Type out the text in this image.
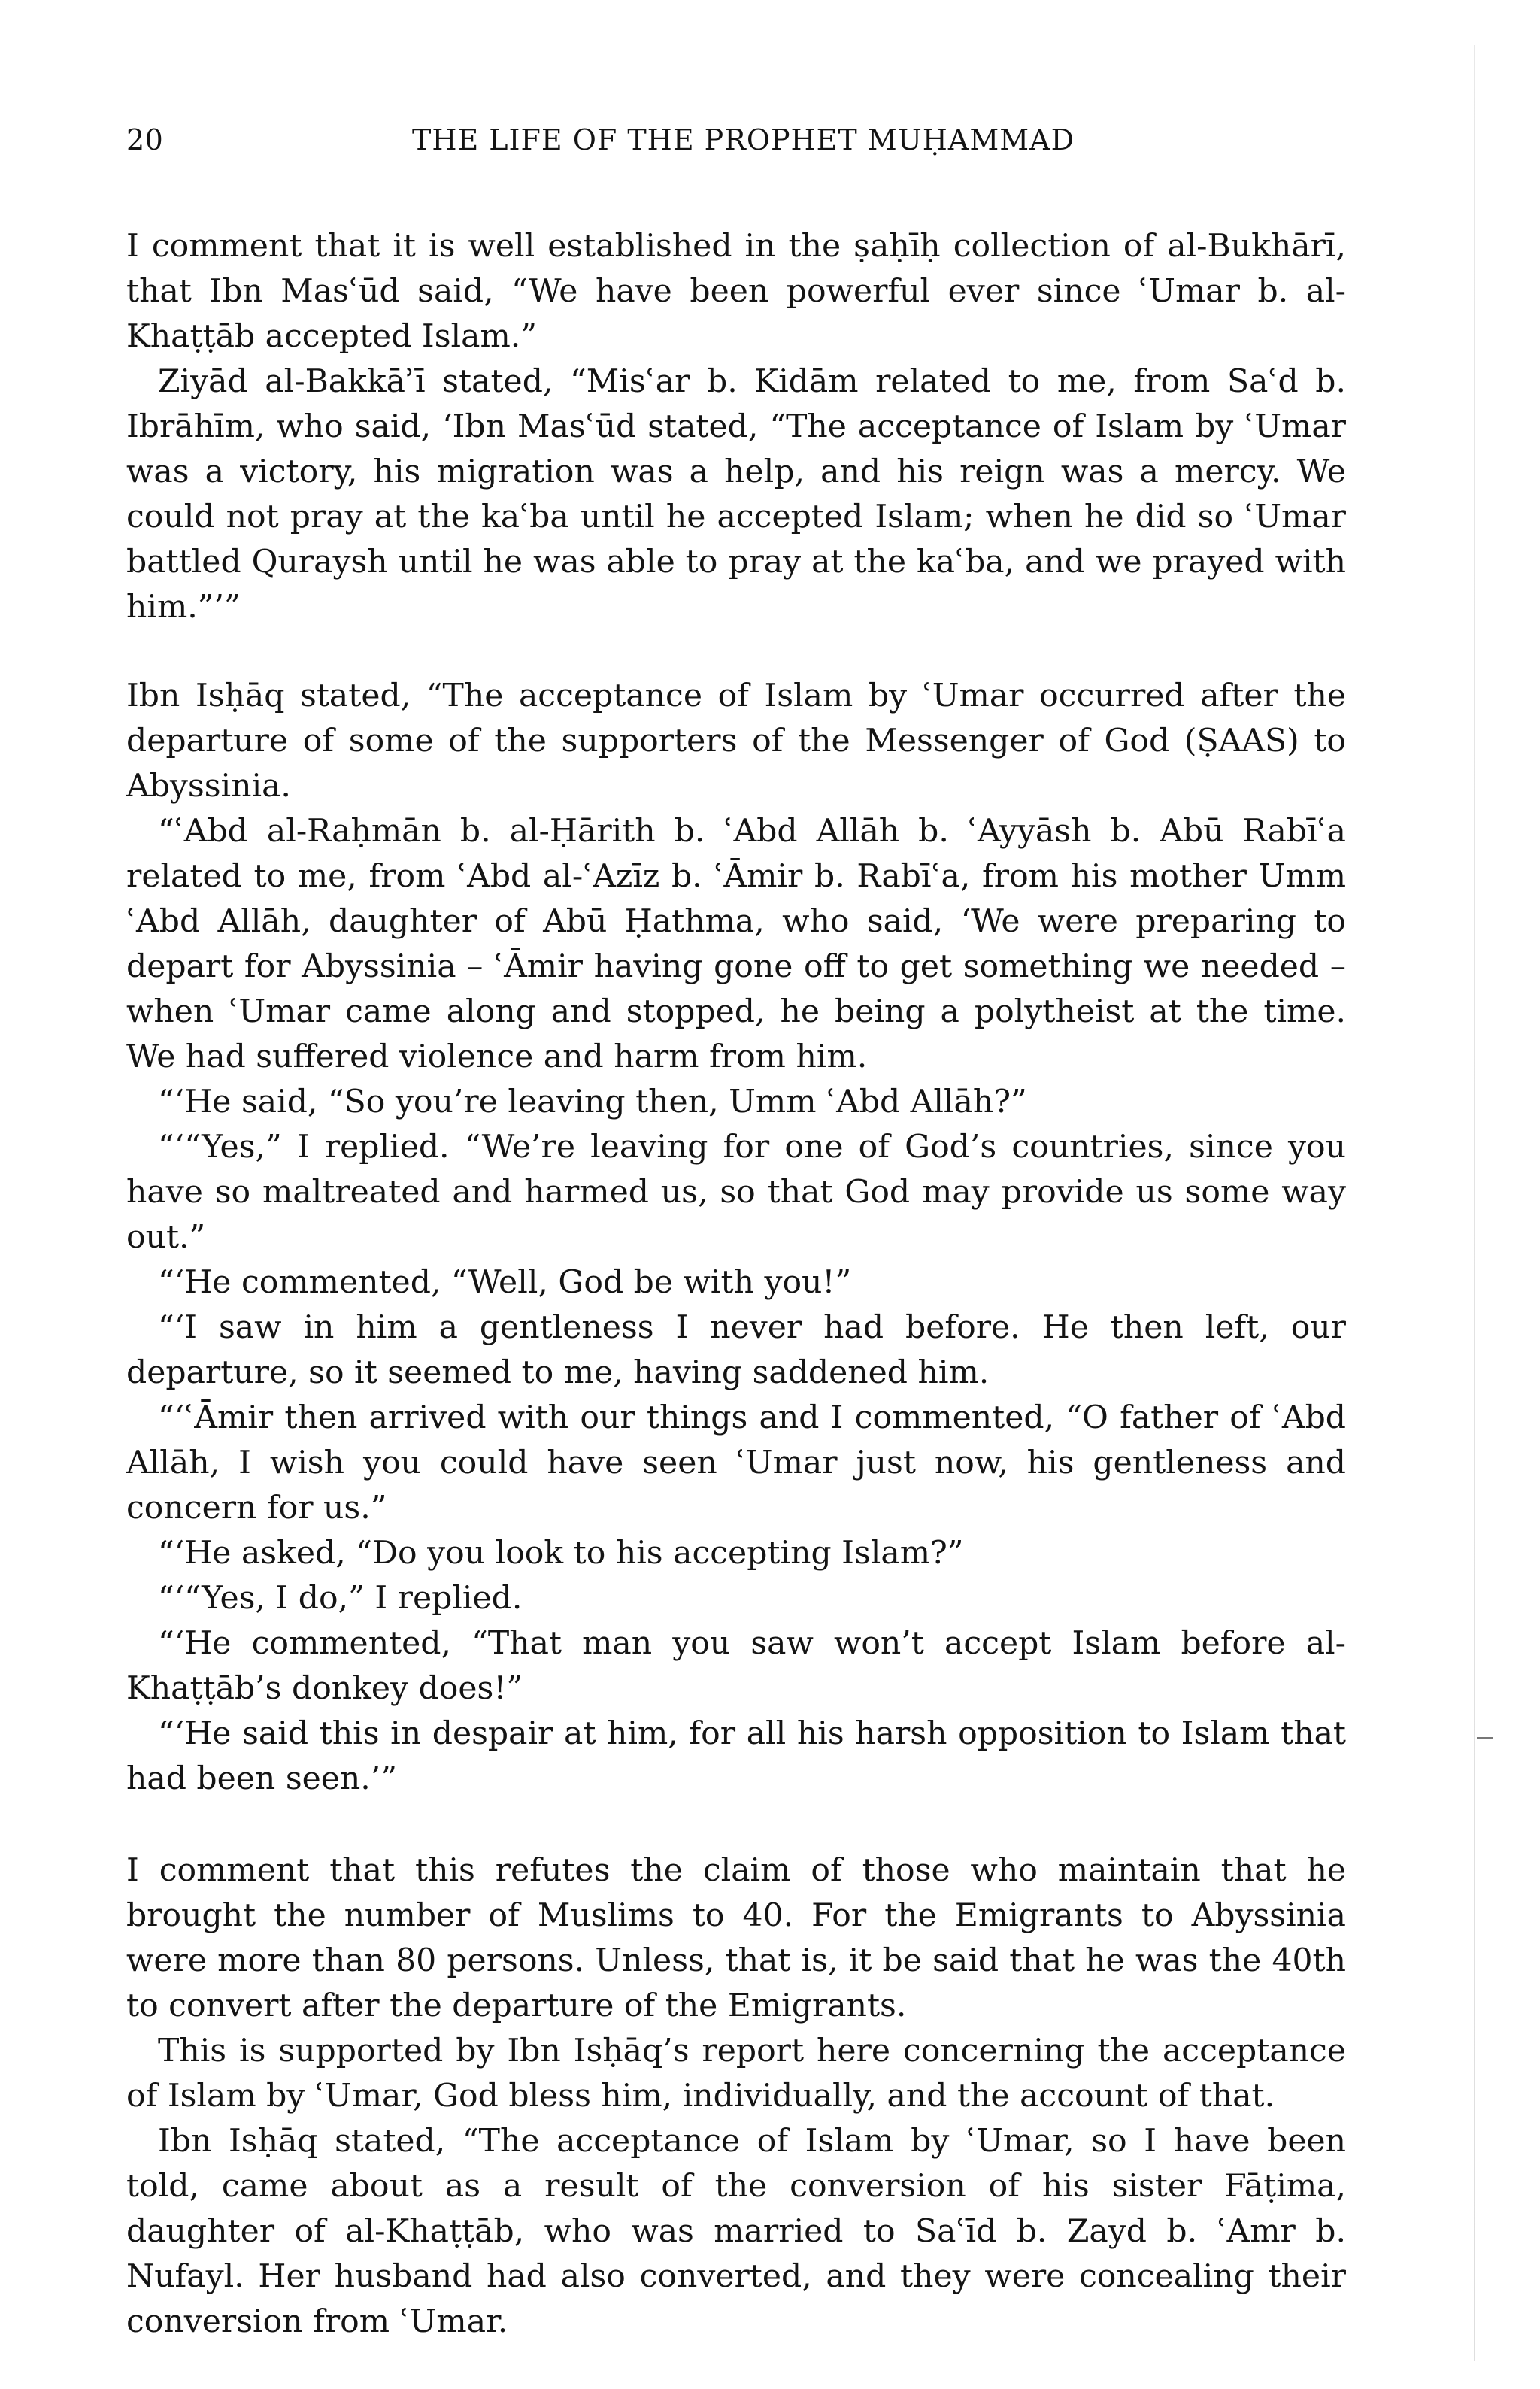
20	THE LIFE OF THE PROPHET MUḤAMMAD

I comment that it is well established in the ṣaḥīḥ collection of al-Bukhārī, that Ibn Masʿūd said, “We have been powerful ever since ʿUmar b. al-Khaṭṭāb accepted Islam.”

Ziyād al-Bakkāʾī stated, “Misʿar b. Kidām related to me, from Saʿd b. Ibrāhīm, who said, ‘Ibn Masʿūd stated, “The acceptance of Islam by ʿUmar was a victory, his migration was a help, and his reign was a mercy. We could not pray at the kaʿba until he accepted Islam; when he did so ʿUmar battled Quraysh until he was able to pray at the kaʿba, and we prayed with him.”’”

Ibn Isḥāq stated, “The acceptance of Islam by ʿUmar occurred after the departure of some of the supporters of the Messenger of God (ṢAAS) to Abyssinia.

“ʿAbd al-Raḥmān b. al-Ḥārith b. ʿAbd Allāh b. ʿAyyāsh b. Abū Rabīʿa related to me, from ʿAbd al-ʿAzīz b. ʿĀmir b. Rabīʿa, from his mother Umm ʿAbd Allāh, daughter of Abū Ḥathma, who said, ‘We were preparing to depart for Abyssinia – ʿĀmir having gone off to get something we needed – when ʿUmar came along and stopped, he being a polytheist at the time. We had suffered violence and harm from him.

“‘He said, “So you’re leaving then, Umm ʿAbd Allāh?”

“‘“Yes,” I replied. “We’re leaving for one of God’s countries, since you have so maltreated and harmed us, so that God may provide us some way out.”

“‘He commented, “Well, God be with you!”

“‘I saw in him a gentleness I never had before. He then left, our departure, so it seemed to me, having saddened him.

“‘ʿĀmir then arrived with our things and I commented, “O father of ʿAbd Allāh, I wish you could have seen ʿUmar just now, his gentleness and concern for us.”

“‘He asked, “Do you look to his accepting Islam?”

“‘“Yes, I do,” I replied.

“‘He commented, “That man you saw won’t accept Islam before al-Khaṭṭāb’s donkey does!”

“‘He said this in despair at him, for all his harsh opposition to Islam that had been seen.’”

I comment that this refutes the claim of those who maintain that he brought the number of Muslims to 40. For the Emigrants to Abyssinia were more than 80 persons. Unless, that is, it be said that he was the 40th to convert after the departure of the Emigrants.

This is supported by Ibn Isḥāq’s report here concerning the acceptance of Islam by ʿUmar, God bless him, individually, and the account of that.

Ibn Isḥāq stated, “The acceptance of Islam by ʿUmar, so I have been told, came about as a result of the conversion of his sister Fāṭima, daughter of al-Khaṭṭāb, who was married to Saʿīd b. Zayd b. ʿAmr b. Nufayl. Her husband had also converted, and they were concealing their conversion from ʿUmar.
